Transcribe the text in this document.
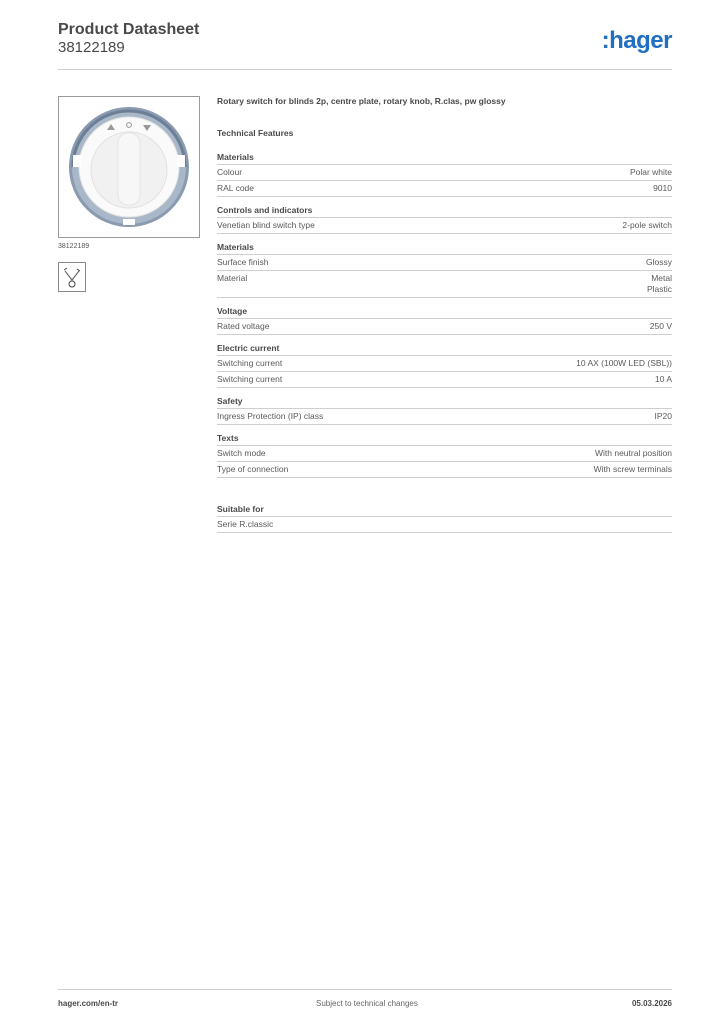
Product Datasheet
38122189	:hager
38122189
Rotary switch for blinds 2p, centre plate, rotary knob, R.clas, pw glossy
Technical Features
Materials
Colour	Polar white
RAL code	9010
Controls and indicators
Venetian blind switch type	2-pole switch
Materials
Surface finish	Glossy
Material	Metal
Plastic
Voltage
Rated voltage	250 V
Electric current
Switching current	10 AX (100W LED (SBL))
Switching current	10 A
Safety
Ingress Protection (IP) class	IP20
Texts
Switch mode	With neutral position
Type of connection	With screw terminals
Suitable for
Serie R.classic
hager.com/en-tr	Subject to technical changes	05.03.2026
